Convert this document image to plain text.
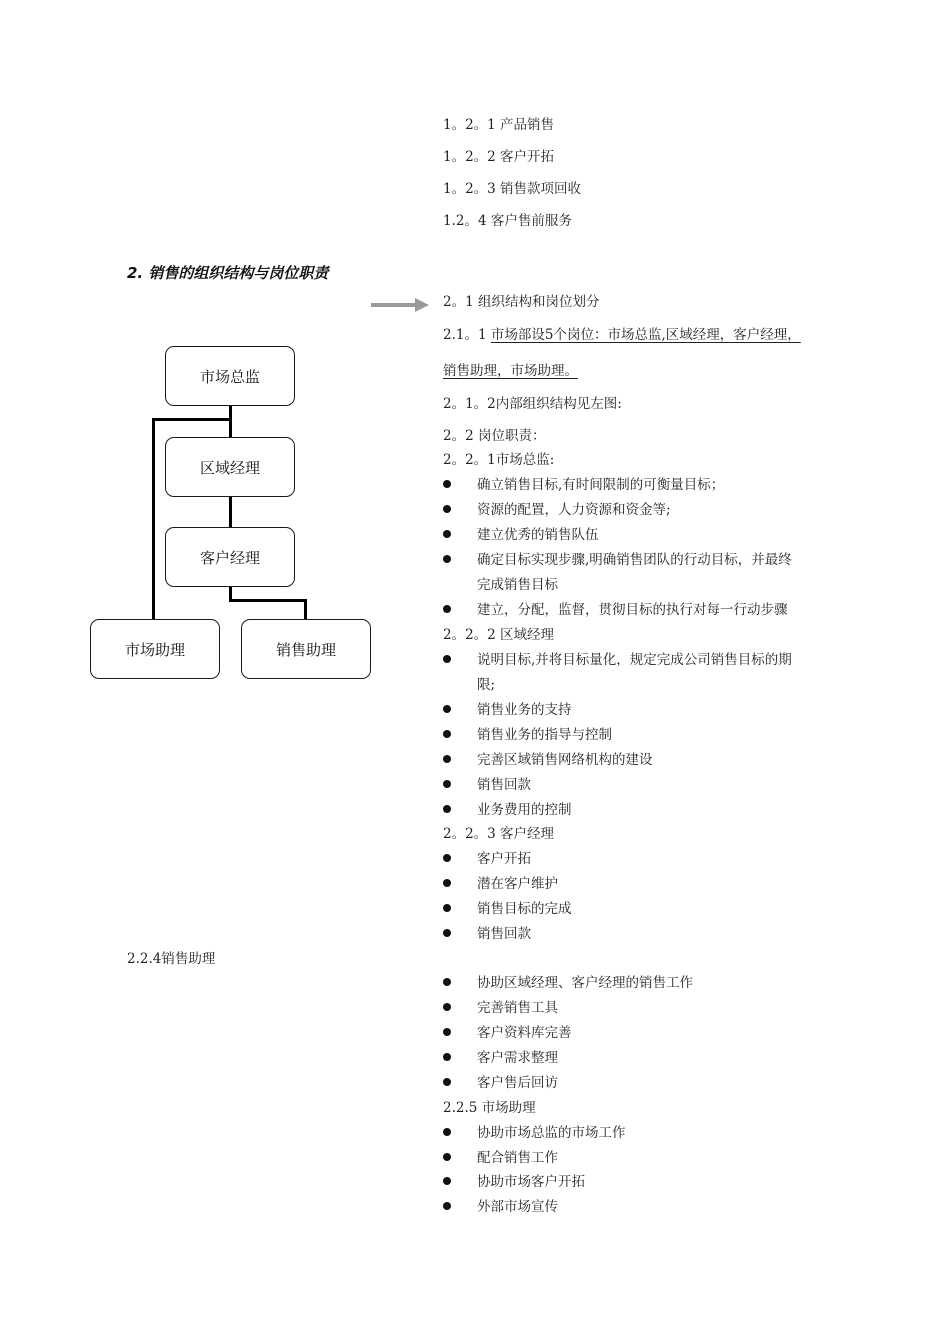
1。2。1 产品销售
1。2。2 客户开拓
1。2。3 销售款项回收
1.2。4 客户售前服务
2. 销售的组织结构与岗位职责
2。1 组织结构和岗位划分
2.1。1 市场部设5个岗位：市场总监,区域经理，客户经理，
销售助理，市场助理。
2。1。2内部组织结构见左图:
2。2 岗位职责：
2。2。1市场总监:
确立销售目标,有时间限制的可衡量目标；
资源的配置，人力资源和资金等;
建立优秀的销售队伍
确定目标实现步骤,明确销售团队的行动目标，并最终
完成销售目标
建立，分配，监督，贯彻目标的执行对每一行动步骤
2。2。2 区域经理
说明目标,并将目标量化，规定完成公司销售目标的期
限;
销售业务的支持
销售业务的指导与控制
完善区域销售网络机构的建设
销售回款
业务费用的控制
2。2。3 客户经理
客户开拓
潜在客户维护
销售目标的完成
销售回款
2.2.4销售助理
协助区域经理、客户经理的销售工作
完善销售工具
客户资料库完善
客户需求整理
客户售后回访
2.2.5 市场助理
协助市场总监的市场工作
配合销售工作
协助市场客户开拓
外部市场宣传
市场总监
区域经理
客户经理
市场助理	销售助理
